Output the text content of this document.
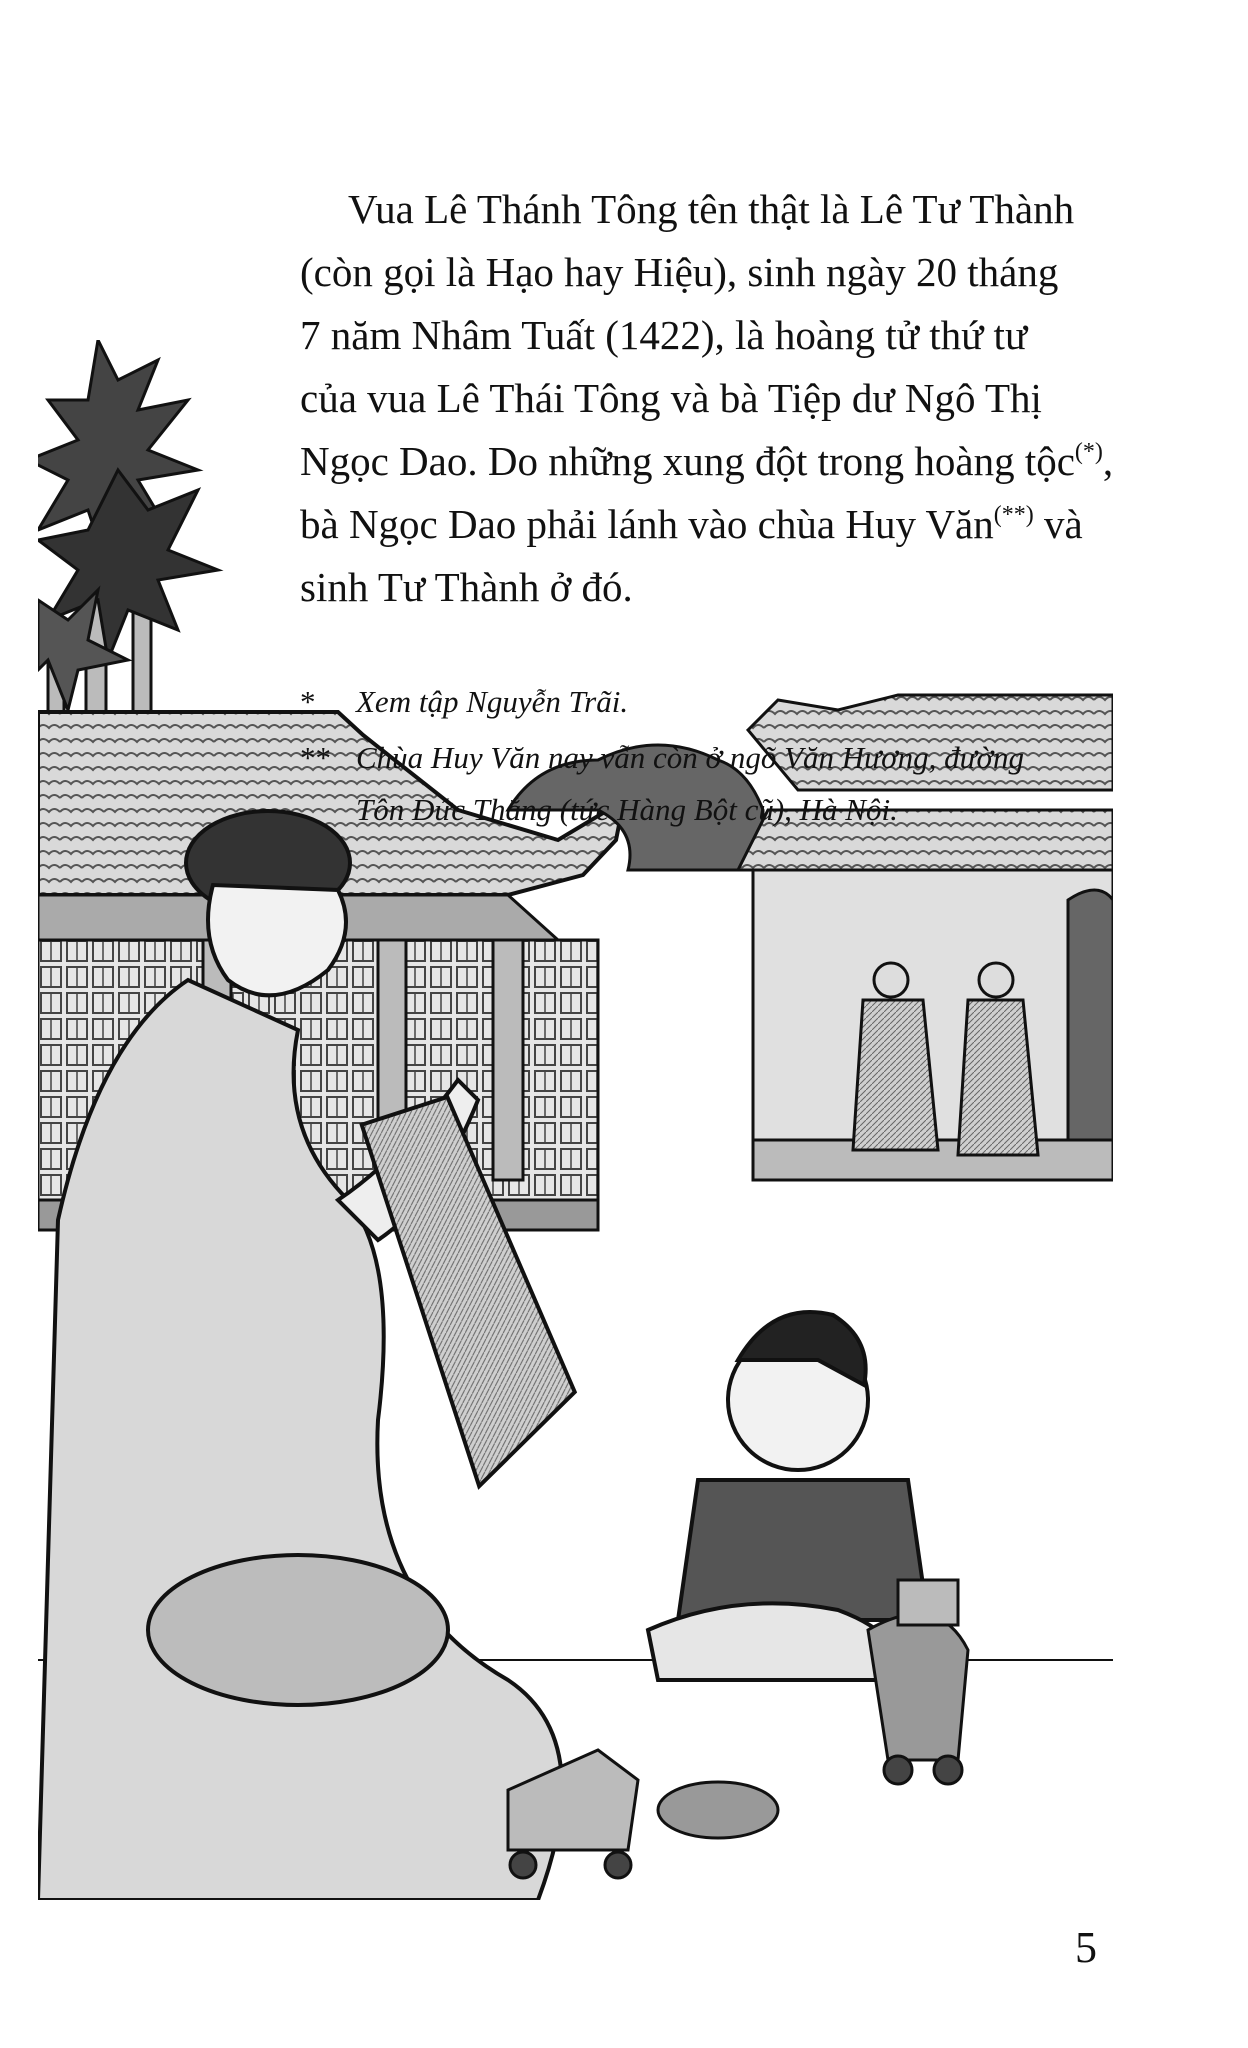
Vua Lê Thánh Tông tên thật là Lê Tư Thành
(còn gọi là Hạo hay Hiệu), sinh ngày 20 tháng
7 năm Nhâm Tuất (1422), là hoàng tử thứ tư
của vua Lê Thái Tông và bà Tiệp dư Ngô Thị
Ngọc Dao. Do những xung đột trong hoàng tộc(*),
bà Ngọc Dao phải lánh vào chùa Huy Văn(**) và
sinh Tư Thành ở đó.
* Xem tập Nguyễn Trãi.
** Chùa Huy Văn nay vẫn còn ở ngõ Văn Hương, đường
Tôn Đức Thắng (tức Hàng Bột cũ), Hà Nội.
5
